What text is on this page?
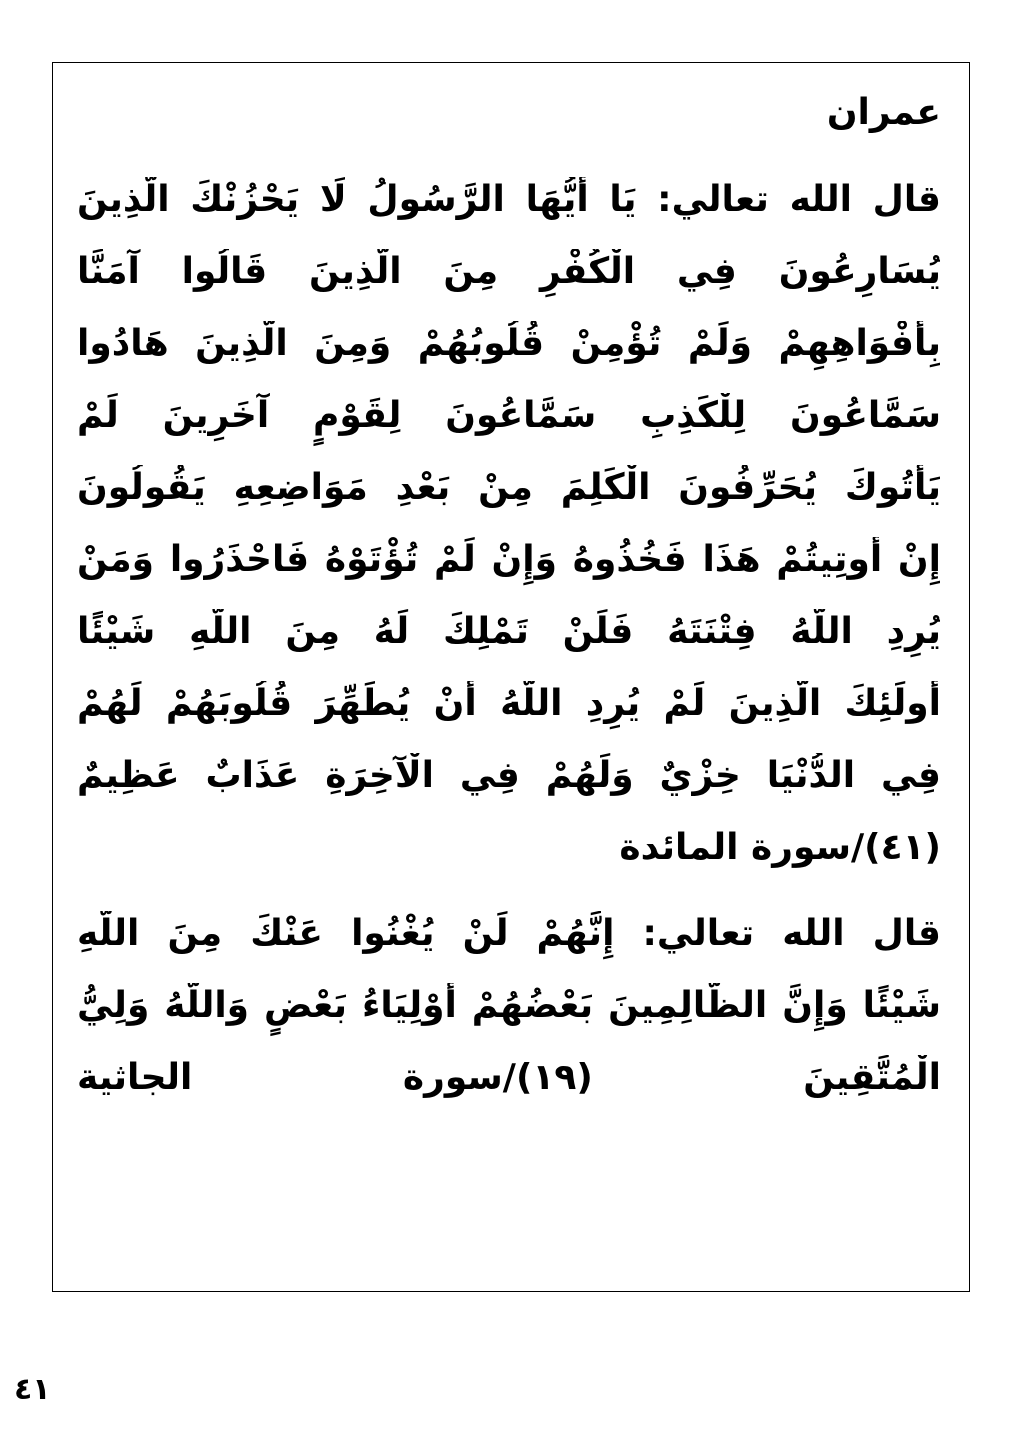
عمران
قال الله تعالي: يَا أَيُّهَا الرَّسُولُ لَا يَحْزُنْكَ الَّذِينَ
يُسَارِعُونَ فِي الْكُفْرِ مِنَ الَّذِينَ قَالُوا آمَنَّا
بِأَفْوَاهِهِمْ وَلَمْ تُؤْمِنْ قُلُوبُهُمْ وَمِنَ الَّذِينَ هَادُوا
سَمَّاعُونَ لِلْكَذِبِ سَمَّاعُونَ لِقَوْمٍ آخَرِينَ لَمْ
يَأْتُوكَ يُحَرِّفُونَ الْكَلِمَ مِنْ بَعْدِ مَوَاضِعِهِ يَقُولُونَ
إِنْ أُوتِيتُمْ هَذَا فَخُذُوهُ وَإِنْ لَمْ تُؤْتَوْهُ فَاحْذَرُوا وَمَنْ
يُرِدِ اللَّهُ فِتْنَتَهُ فَلَنْ تَمْلِكَ لَهُ مِنَ اللَّهِ شَيْئًا
أُولَئِكَ الَّذِينَ لَمْ يُرِدِ اللَّهُ أَنْ يُطَهِّرَ قُلُوبَهُمْ لَهُمْ
فِي الدُّنْيَا خِزْيٌ وَلَهُمْ فِي الْآخِرَةِ عَذَابٌ عَظِيمٌ
(٤١)/سورة المائدة
قال الله تعالي: إِنَّهُمْ لَنْ يُغْنُوا عَنْكَ مِنَ اللَّهِ
شَيْئًا وَإِنَّ الظَّالِمِينَ بَعْضُهُمْ أَوْلِيَاءُ بَعْضٍ وَاللَّهُ وَلِيُّ
الْمُتَّقِينَ (١٩)/سورة الجاثية
٤١
